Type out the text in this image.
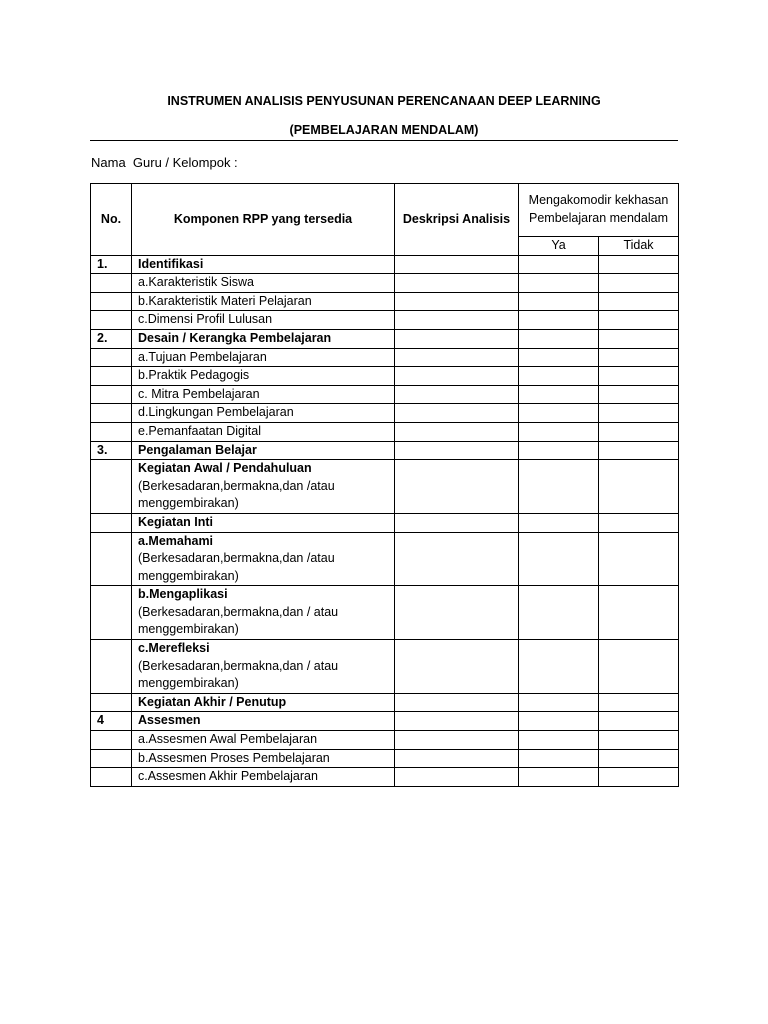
INSTRUMEN ANALISIS PENYUSUNAN PERENCANAAN DEEP LEARNING
(PEMBELAJARAN MENDALAM)
Nama  Guru / Kelompok :
No.	Komponen RPP yang tersedia	Deskripsi Analisis	Mengakomodir kekhasan Pembelajaran mendalam	
			Ya	Tidak
1.	Identifikasi			
	a.Karakteristik Siswa			
	b.Karakteristik Materi Pelajaran			
	c.Dimensi Profil Lulusan			
2.	Desain / Kerangka Pembelajaran			
	a.Tujuan Pembelajaran			
	b.Praktik Pedagogis			
	c. Mitra Pembelajaran			
	d.Lingkungan Pembelajaran			
	e.Pemanfaatan Digital			
3.	Pengalaman Belajar			
	Kegiatan Awal / Pendahuluan
(Berkesadaran,bermakna,dan /atau menggembirakan)			
	Kegiatan Inti			
	a.Memahami
(Berkesadaran,bermakna,dan /atau menggembirakan)			
	b.Mengaplikasi
(Berkesadaran,bermakna,dan / atau menggembirakan)			
	c.Merefleksi
(Berkesadaran,bermakna,dan / atau menggembirakan)			
	Kegiatan Akhir / Penutup			
4	Assesmen			
	a.Assesmen Awal Pembelajaran			
	b.Assesmen Proses Pembelajaran			
	c.Assesmen Akhir Pembelajaran			
